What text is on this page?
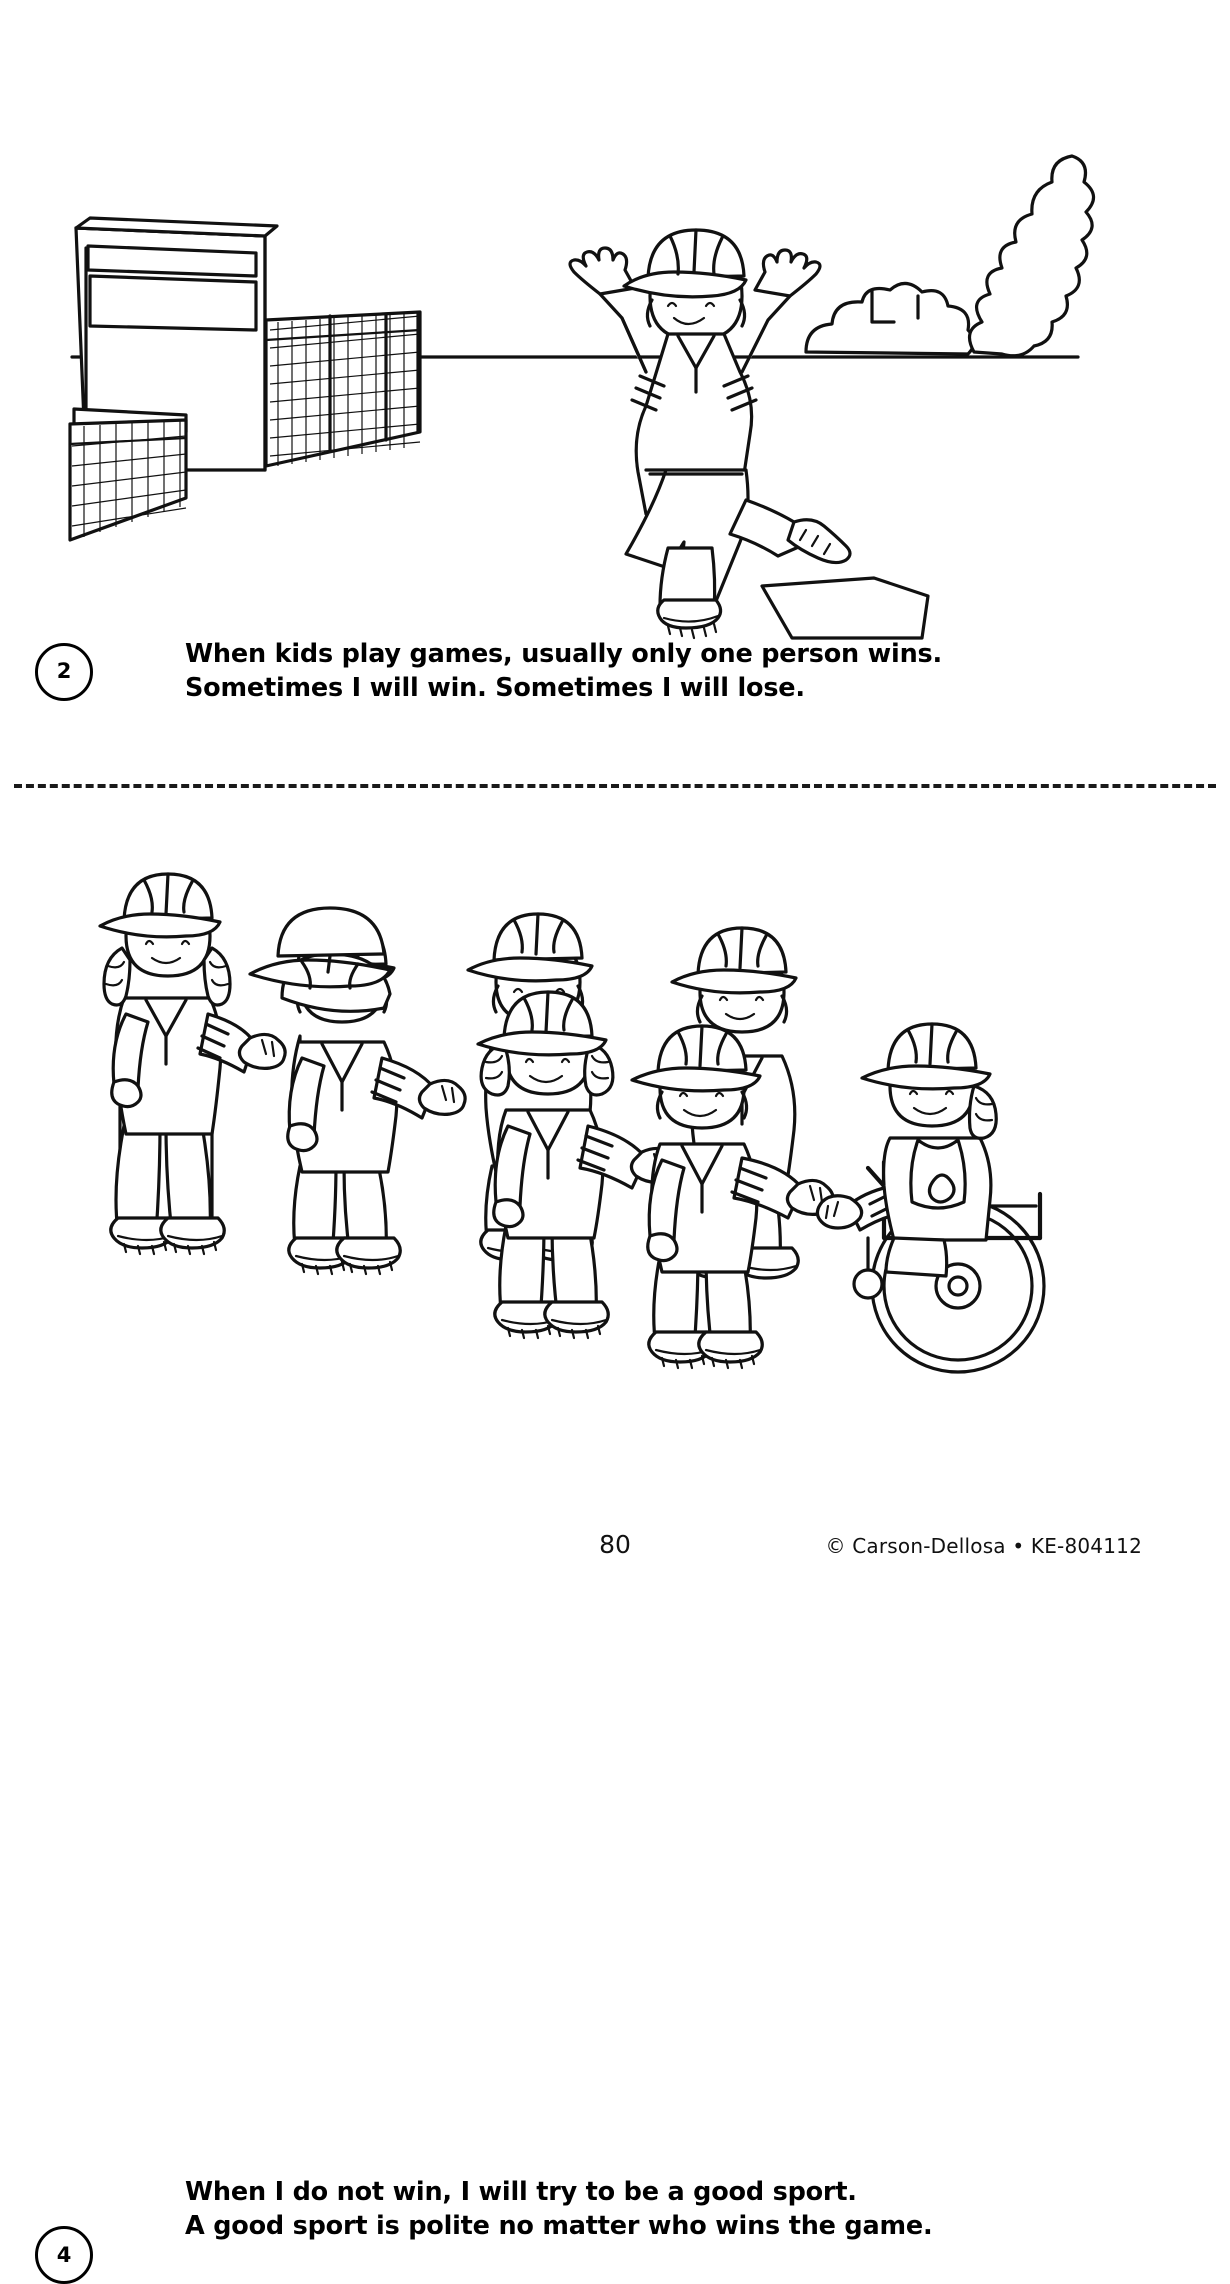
2
When kids play games, usually only one person wins.
Sometimes I will win. Sometimes I will lose.
4
When I do not win, I will try to be a good sport.
A good sport is polite no matter who wins the game.
80	© Carson-Dellosa • KE-804112
